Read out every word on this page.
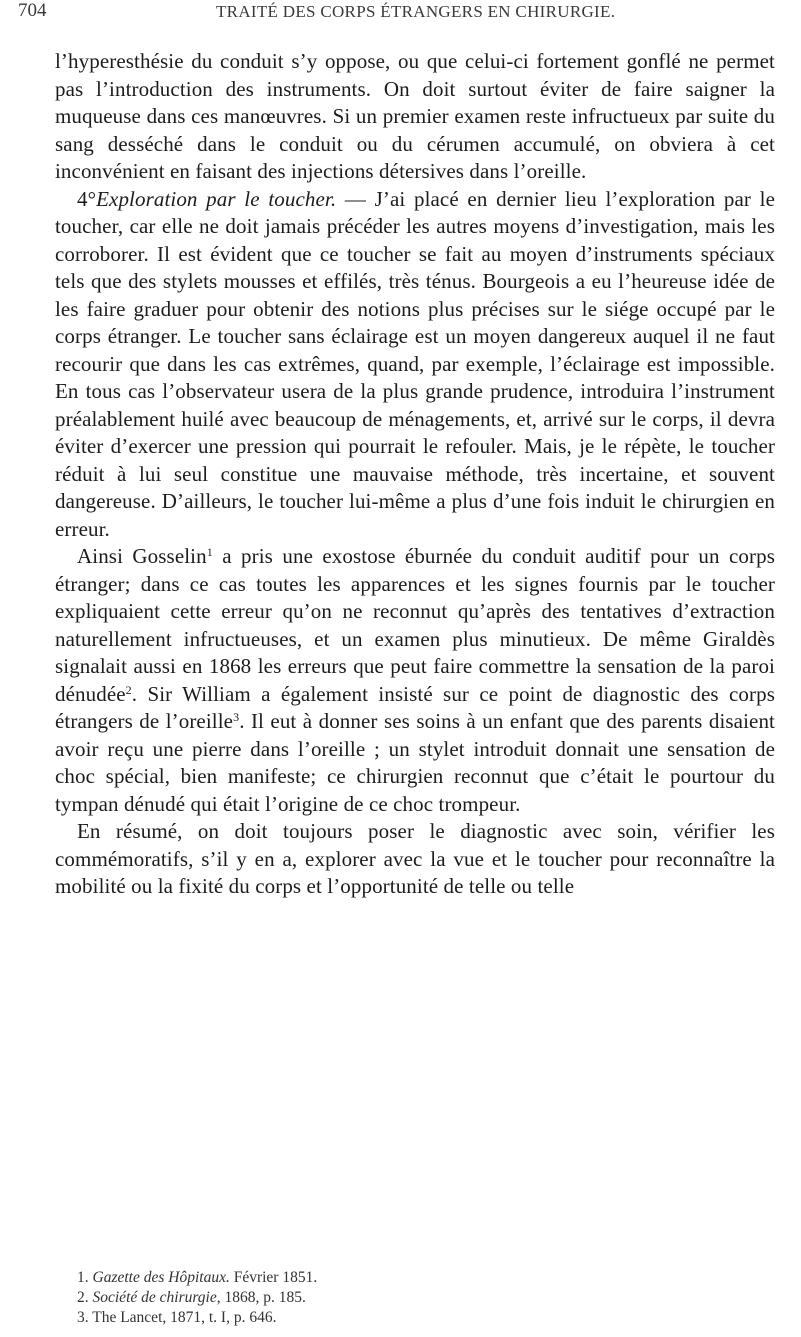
704	TRAITÉ DES CORPS ÉTRANGERS EN CHIRURGIE.

l’hyperesthésie du conduit s’y oppose, ou que celui-ci fortement gonflé ne permet pas l’introduction des instruments. On doit surtout éviter de faire saigner la muqueuse dans ces manœuvres. Si un premier examen reste infructueux par suite du sang desséché dans le conduit ou du cérumen accumulé, on obviera à cet inconvénient en faisant des injections détersives dans l’oreille.

4°Exploration par le toucher. — J’ai placé en dernier lieu l’exploration par le toucher, car elle ne doit jamais précéder les autres moyens d’investigation, mais les corroborer. Il est évident que ce toucher se fait au moyen d’instruments spéciaux tels que des stylets mousses et effilés, très ténus. Bourgeois a eu l’heureuse idée de les faire graduer pour obtenir des notions plus précises sur le siége occupé par le corps étranger. Le toucher sans éclairage est un moyen dangereux auquel il ne faut recourir que dans les cas extrêmes, quand, par exemple, l’éclairage est impossible. En tous cas l’observateur usera de la plus grande prudence, introduira l’instrument préalablement huilé avec beaucoup de ménagements, et, arrivé sur le corps, il devra éviter d’exercer une pression qui pourrait le refouler. Mais, je le répète, le toucher réduit à lui seul constitue une mauvaise méthode, très incertaine, et souvent dangereuse. D’ailleurs, le toucher lui-même a plus d’une fois induit le chirurgien en erreur.

Ainsi Gosselin$^1$ a pris une exostose éburnée du conduit auditif pour un corps étranger; dans ce cas toutes les apparences et les signes fournis par le toucher expliquaient cette erreur qu’on ne reconnut qu’après des tentatives d’extraction naturellement infructueuses, et un examen plus minutieux. De même Giraldès signalait aussi en 1868 les erreurs que peut faire commettre la sensation de la paroi dénudée$^2$. Sir William a également insisté sur ce point de diagnostic des corps étrangers de l’oreille$^3$. Il eut à donner ses soins à un enfant que des parents disaient avoir reçu une pierre dans l’oreille ; un stylet introduit donnait une sensation de choc spécial, bien manifeste; ce chirurgien reconnut que c’était le pourtour du tympan dénudé qui était l’origine de ce choc trompeur.

En résumé, on doit toujours poser le diagnostic avec soin, vérifier les commémoratifs, s’il y en a, explorer avec la vue et le toucher pour reconnaître la mobilité ou la fixité du corps et l’opportunité de telle ou telle

1. Gazette des Hôpitaux. Février 1851.

2. Société de chirurgie, 1868, p. 185.

3. The Lancet, 1871, t. I, p. 646.
